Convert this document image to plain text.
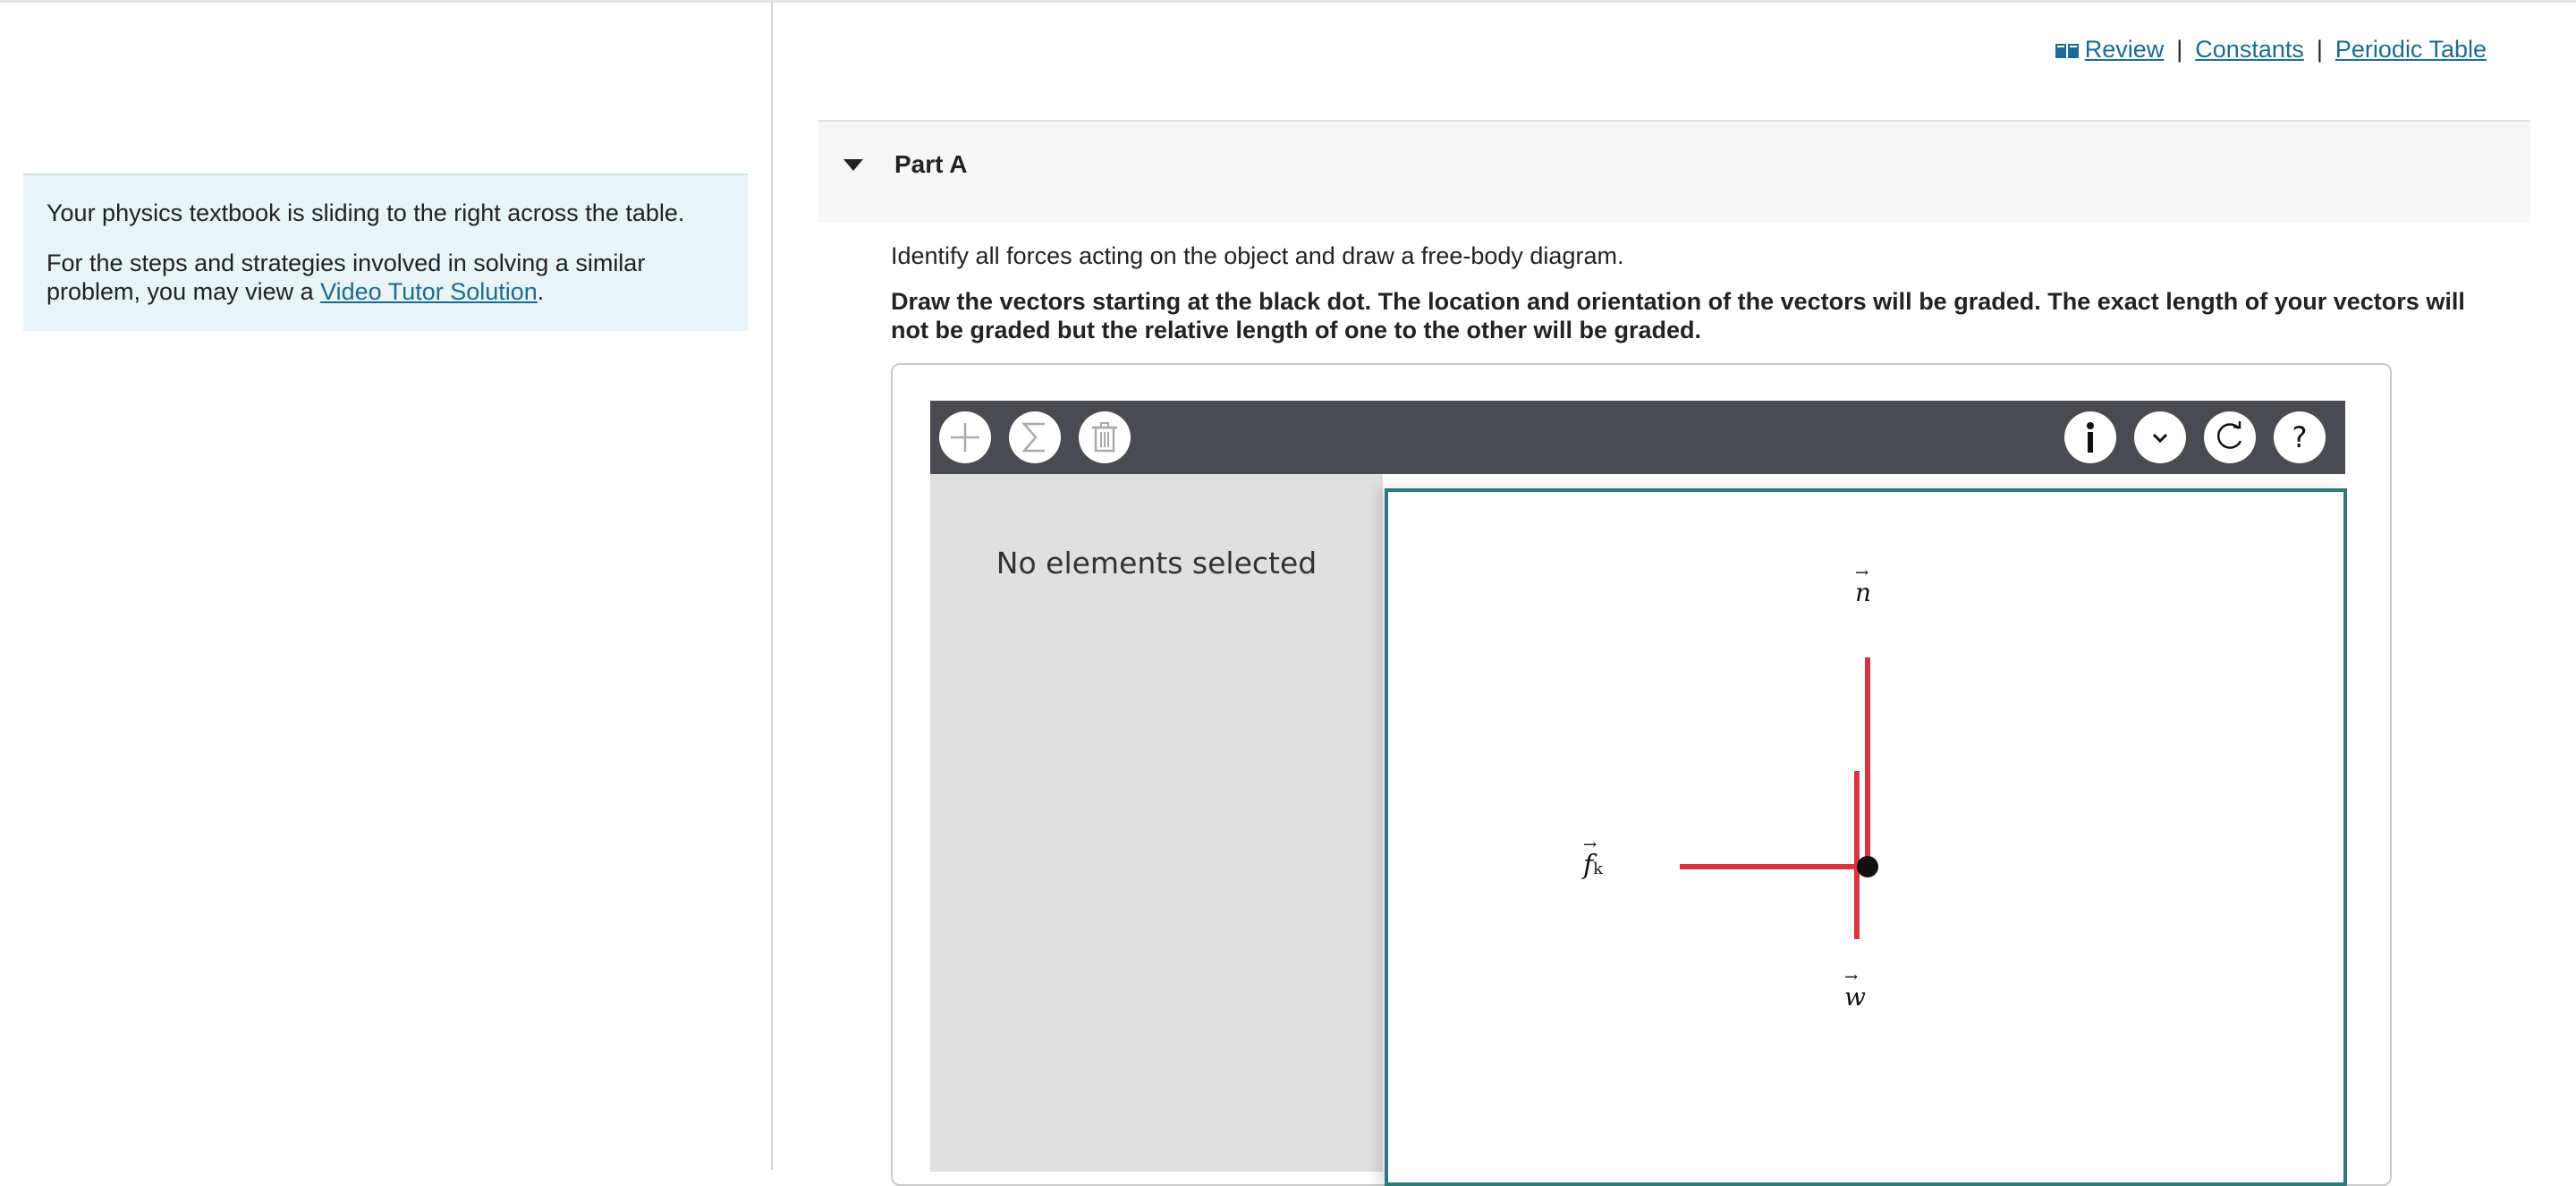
Your physics textbook is sliding to the right across the table.

For the steps and strategies involved in solving a similar problem, you may view a Video Tutor Solution.

Review | Constants | Periodic Table
Part A
Identify all forces acting on the object and draw a free-body diagram.
Draw the vectors starting at the black dot. The location and orientation of the vectors will be graded. The exact length of your vectors will not be graded but the relative length of one to the other will be graded.
?
No elements selected	→
n
→
fk
→
w
